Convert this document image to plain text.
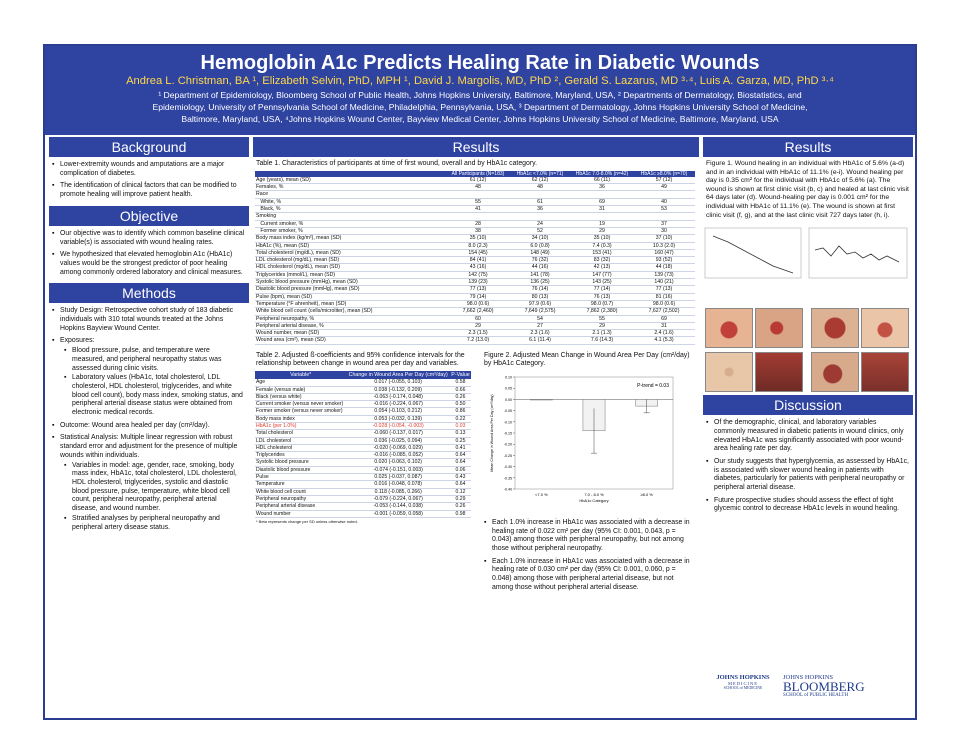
Hemoglobin A1c Predicts Healing Rate in Diabetic Wounds
Andrea L. Christman, BA ¹, Elizabeth Selvin, PhD, MPH ¹, David J. Margolis, MD, PhD ², Gerald S. Lazarus, MD ³·⁴, Luis A. Garza, MD, PhD ³·⁴
¹ Department of Epidemiology, Bloomberg School of Public Health, Johns Hopkins University, Baltimore, Maryland, USA, ² Departments of Dermatology, Biostatistics, and
Epidemiology, University of Pennsylvania School of Medicine, Philadelphia, Pennsylvania, USA, ³ Department of Dermatology, Johns Hopkins University School of Medicine,
Baltimore, Maryland, USA, ⁴Johns Hopkins Wound Center, Bayview Medical Center, Johns Hopkins University School of Medicine, Baltimore, Maryland, USA
Background
▪ Lower-extremity wounds and amputations are a major complication of diabetes.
▪ The identification of clinical factors that can be modified to promote healing will improve patient health.
Objective
▪ Our objective was to identify which common baseline clinical variable(s) is associated with wound healing rates.
▪ We hypothesized that elevated hemoglobin A1c (HbA1c) values would be the strongest predictor of poor healing among commonly ordered laboratory and clinical measures.
Methods
▪ Study Design: Retrospective cohort study of 183 diabetic individuals with 310 total wounds treated at the Johns Hopkins Bayview Wound Center.
▪ Exposures:
▪ Blood pressure, pulse, and temperature were measured, and peripheral neuropathy status was assessed during clinic visits.
▪ Laboratory values (HbA1c, total cholesterol, LDL cholesterol, HDL cholesterol, triglycerides, and white blood cell count), body mass index, smoking status, and peripheral arterial disease status were obtained from electronic medical records.
▪ Outcome: Wound area healed per day (cm²/day).
▪ Statistical Analysis: Multiple linear regression with robust standard error and adjustment for the presence of multiple wounds within individuals.
▪ Variables in model: age, gender, race, smoking, body mass index, HbA1c, total cholesterol, LDL cholesterol, HDL cholesterol, triglycerides, systolic and diastolic blood pressure, pulse, temperature, white blood cell count, peripheral neuropathy, peripheral arterial disease, and wound number.
▪ Stratified analyses by peripheral neuropathy and peripheral artery disease status.
Results
Table 1. Characteristics of participants at time of first wound, overall and by HbA1c category.
	All Participants (N=183)	HbA1c <7.0% (n=71)	HbA1c 7.0-8.0% (n=42)	HbA1c ≥8.0% (n=70)
Age (years), mean (SD)	61 (12)	62 (12)	66 (11)	57 (12)
Females, %	48	48	36	49
Race				
White, %	55	61	69	40
Black, %	41	36	31	53
Smoking				
Current smoker, %	28	24	19	37
Former smoker, %	38	52	29	30
Body mass index (kg/m²), mean (SD)	35 (10)	34 (10)	35 (10)	37 (10)
HbA1c (%), mean (SD)	8.0 (2.3)	6.0 (0.8)	7.4 (0.3)	10.3 (2.0)
Total cholesterol (mg/dL), mean (SD)	154 (45)	148 (49)	153 (41)	160 (47)
LDL cholesterol (mg/dL), mean (SD)	84 (41)	76 (32)	83 (32)	93 (52)
HDL cholesterol (mg/dL), mean (SD)	43 (16)	44 (16)	42 (13)	44 (18)
Triglycerides (mmol/L), mean (SD)	142 (75)	141 (78)	147 (77)	139 (73)
Systolic blood pressure (mmHg), mean (SD)	139 (23)	136 (25)	143 (25)	140 (21)
Diastolic blood pressure (mmHg), mean (SD)	77 (13)	76 (14)	77 (14)	77 (13)
Pulse (bpm), mean (SD)	79 (14)	80 (13)	76 (13)	81 (16)
Temperature (°F ahrenheit), mean (SD)	98.0 (0.6)	97.9 (0.6)	98.0 (0.7)	98.0 (0.6)
White blood cell count (cells/microliter), mean (SD)	7,662 (2,460)	7,649 (2,575)	7,862 (2,380)	7,627 (2,502)
Peripheral neuropathy, %	60	54	55	69
Peripheral arterial disease, %	29	27	29	31
Wound number, mean (SD)	2.3 (1.5)	2.3 (1.6)	2.1 (1.3)	2.4 (1.6)
Wound area (cm²), mean (SD)	7.2 (13.0)	6.1 (11.4)	7.6 (14.3)	4.1 (5.3)
Table 2. Adjusted ß-coefficients and 95% confidence intervals for the relationship between change in wound area per day and variables.
Variable*	Change in Wound Area Per Day (cm²/day)	P-Value
Age	0.017 (-0.055, 0.103)	0.58
Female (versus male)	0.038 (-0.132, 0.209)	0.66
Black (versus white)	-0.063 (-0.174, 0.048)	0.26
Current smoker (versus never smoker)	-0.016 (-0.224, 0.067)	0.50
Former smoker (versus never smoker)	0.054 (-0.103, 0.212)	0.86
Body mass index	0.053 (-0.032, 0.139)	0.22
HbA1c (per 1.0%)	-0.028 (-0.054, -0.003)	0.03
Total cholesterol	-0.060 (-0.137, 0.017)	0.13
LDL cholesterol	0.036 (-0.025, 0.094)	0.25
HDL cholesterol	-0.020 (-0.069, 0.029)	0.41
Triglycerides	-0.016 (-0.085, 0.052)	0.64
Systolic blood pressure	0.020 (-0.063, 0.102)	0.64
Diastolic blood pressure	-0.074 (-0.151, 0.003)	0.06
Pulse	0.025 (-0.037, 0.087)	0.43
Temperature	0.016 (-0.048, 0.078)	0.64
White blood cell count	0.118 (-0.085, 0.266)	0.12
Peripheral neuropathy	-0.079 (-0.224, 0.067)	0.29
Peripheral arterial disease	-0.053 (-0.144, 0.038)	0.26
Wound number	-0.001 (-0.059, 0.058)	0.98
* Beta represents change per SD unless otherwise noted.
Figure 2. Adjusted Mean Change in Wound Area Per Day (cm²/day) by HbA1c Category.
0.10
0.05
0.00
-0.05
-0.10
-0.15
-0.20
-0.25
-0.30
-0.35
-0.40
<7.0 %	7.0 - 8.0 %	≥8.0 %
HbA1c Category
Mean Change in Wound Area Per Day (cm²/day)
P-trend = 0.03
▪ Each 1.0% increase in HbA1c was associated with a decrease in healing rate of 0.022 cm² per day (95% CI: 0.001, 0.043, p = 0.043) among those with peripheral neuropathy, but not among those without peripheral neuropathy.
▪ Each 1.0% increase in HbA1c was associated with a decrease in healing rate of 0.030 cm² per day (95% CI: 0.001, 0.060, p = 0.048) among those with peripheral arterial disease, but not among those without peripheral arterial disease.
Results
Figure 1. Wound healing in an individual with HbA1c of 5.6% (a-d) and in an individual with HbA1c of 11.1% (e-i). Wound healing per day is 0.35 cm² for the individual with HbA1c of 5.6% (a). The wound is shown at first clinic visit (b, c) and healed at last clinic visit 64 days later (d). Wound-healing per day is 0.001 cm² for the individual with HbA1c of 11.1% (e). The wound is shown at first clinic visit (f, g), and at the last clinic visit 727 days later (h, i).
Discussion
▪ Of the demographic, clinical, and laboratory variables commonly measured in diabetic patients in wound clinics, only elevated HbA1c was significantly associated with poor wound-area healing rate per day.
▪ Our study suggests that hyperglycemia, as assessed by HbA1c, is associated with slower wound healing in patients with diabetes, particularly for patients with peripheral neuropathy or peripheral arterial disease.
▪ Future prospective studies should assess the effect of tight glycemic control to decrease HbA1c levels in wound healing.
JOHNS HOPKINS
MEDICINE
SCHOOL of MEDICINE
JOHNS HOPKINS
BLOOMBERG
SCHOOL of PUBLIC HEALTH
